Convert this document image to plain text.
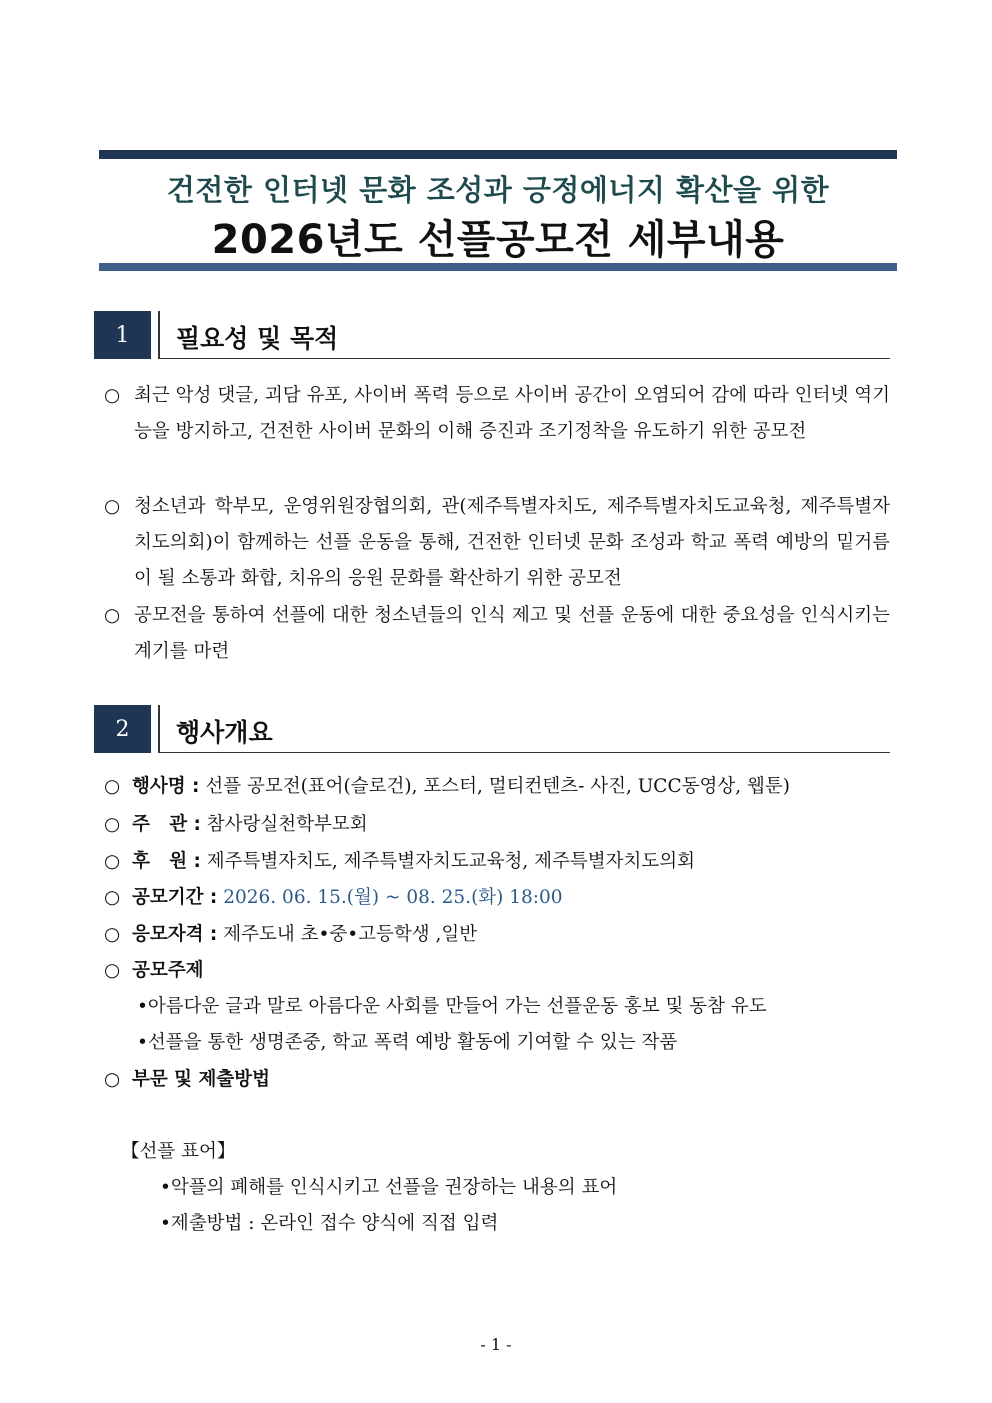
건전한 인터넷 문화 조성과 긍정에너지 확산을 위한
2026년도 선플공모전 세부내용
1	필요성 및 목적
○ 최근 악성 댓글, 괴담 유포, 사이버 폭력 등으로 사이버 공간이 오염되어 감에 따라 인터넷 역기능을 방지하고, 건전한 사이버 문화의 이해 증진과 조기정착을 유도하기 위한 공모전
○ 청소년과 학부모, 운영위원장협의회, 관(제주특별자치도, 제주특별자치도교육청, 제주특별자치도의회)이 함께하는 선플 운동을 통해, 건전한 인터넷 문화 조성과 학교 폭력 예방의 밑거름이 될 소통과 화합, 치유의 응원 문화를 확산하기 위한 공모전
○ 공모전을 통하여 선플에 대한 청소년들의 인식 제고 및 선플 운동에 대한 중요성을 인식시키는 계기를 마련
2	행사개요
○ 행사명 : 선플 공모전(표어(슬로건), 포스터, 멀티컨텐츠- 사진, UCC동영상, 웹툰)
○ 주   관 : 참사랑실천학부모회
○ 후   원 : 제주특별자치도, 제주특별자치도교육청, 제주특별자치도의회
○ 공모기간 : 2026. 06. 15.(월) ~ 08. 25.(화) 18:00
○ 응모자격 : 제주도내 초•중•고등학생 ,일반
○ 공모주제
•아름다운 글과 말로 아름다운 사회를 만들어 가는 선플운동 홍보 및 동참 유도
•선플을 통한 생명존중, 학교 폭력 예방 활동에 기여할 수 있는 작품
○ 부문 및 제출방법
【선플 표어】
•악플의 폐해를 인식시키고 선플을 권장하는 내용의 표어
•제출방법 : 온라인 접수 양식에 직접 입력
- 1 -
